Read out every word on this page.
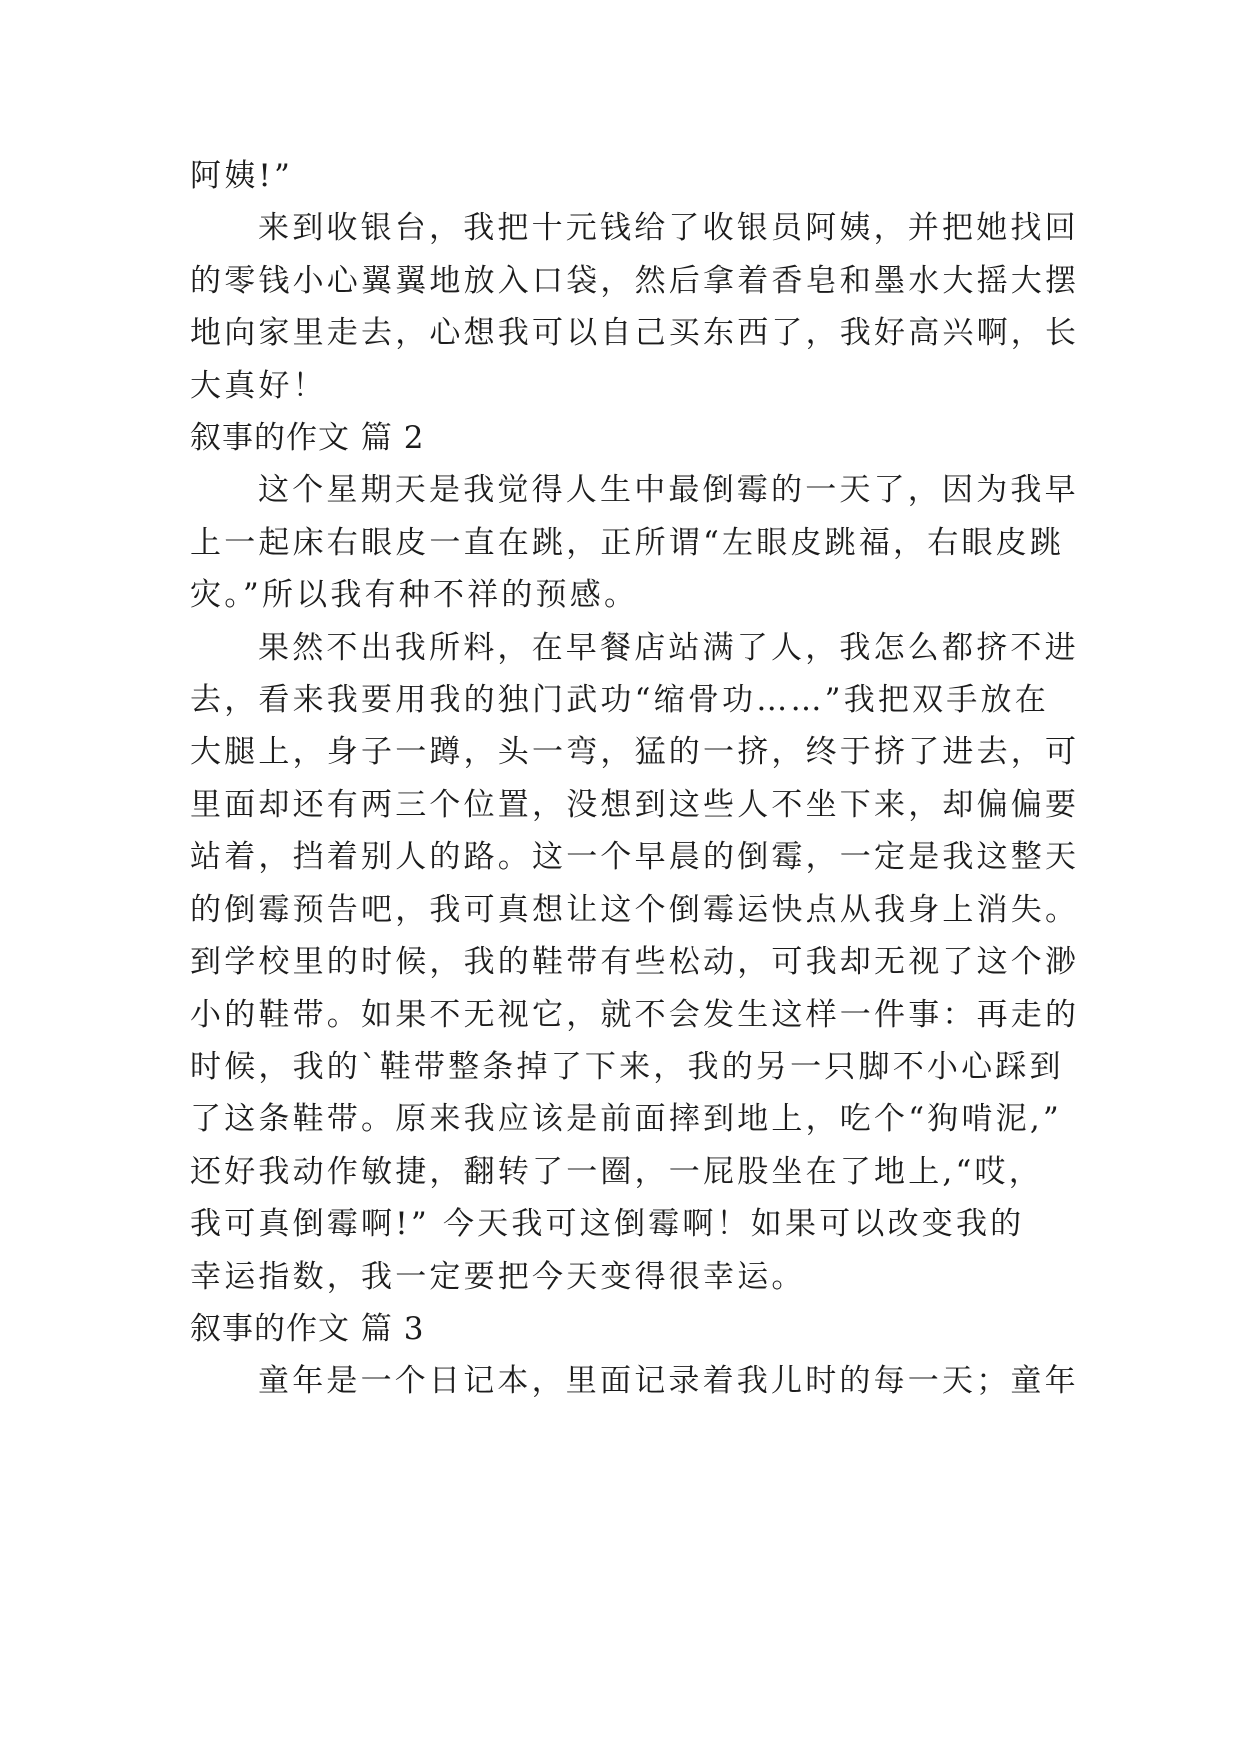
阿姨!”

来到收银台，我把十元钱给了收银员阿姨，并把她找回

的零钱小心翼翼地放入口袋，然后拿着香皂和墨水大摇大摆

地向家里走去，心想我可以自己买东西了，我好高兴啊，长

大真好！

叙事的作文 篇 2

这个星期天是我觉得人生中最倒霉的一天了，因为我早

上一起床右眼皮一直在跳，正所谓“左眼皮跳福，右眼皮跳

灾。”所以我有种不祥的预感。

果然不出我所料，在早餐店站满了人，我怎么都挤不进

去，看来我要用我的独门武功“缩骨功……”我把双手放在

大腿上，身子一蹲，头一弯，猛的一挤，终于挤了进去，可

里面却还有两三个位置，没想到这些人不坐下来，却偏偏要

站着，挡着别人的路。这一个早晨的倒霉，一定是我这整天

的倒霉预告吧，我可真想让这个倒霉运快点从我身上消失。

到学校里的时候，我的鞋带有些松动，可我却无视了这个渺

小的鞋带。如果不无视它，就不会发生这样一件事：再走的

时候，我的`鞋带整条掉了下来，我的另一只脚不小心踩到

了这条鞋带。原来我应该是前面摔到地上，吃个“狗啃泥,”

还好我动作敏捷，翻转了一圈，一屁股坐在了地上,“哎，

我可真倒霉啊!” 今天我可这倒霉啊！如果可以改变我的

幸运指数，我一定要把今天变得很幸运。

叙事的作文 篇 3

童年是一个日记本，里面记录着我儿时的每一天；童年
